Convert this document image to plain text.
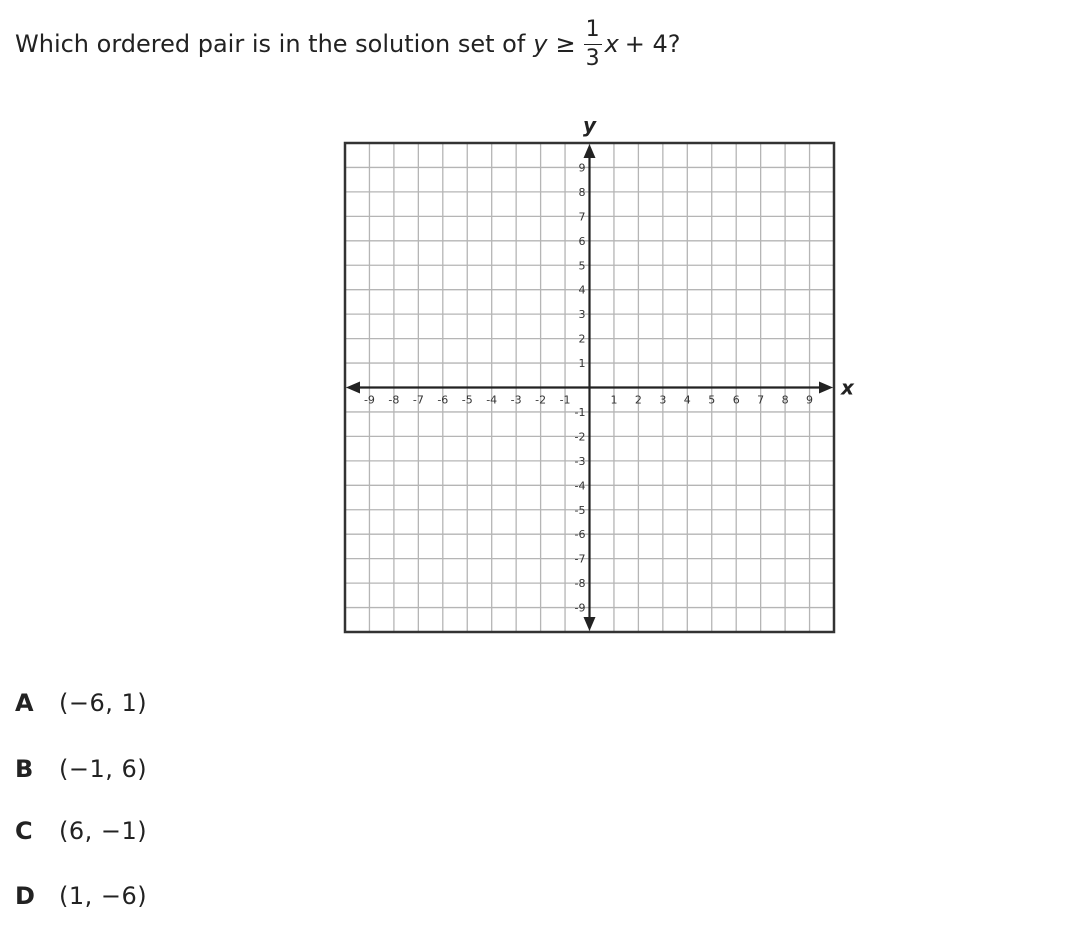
Which ordered pair is in the solution set of $y \ge \frac{1}{3}$ x + 4?
-9 -8 -7 -6 -5 -4 -3 -2 -1	1 2 3 4 5 6 7 8 9
9
8
7
6
5
4
3
2
1
-1
-2
-3
-4
-5
-6
-7
-8
-9
x
y
A	(−6, 1)
B	(−1, 6)
C	(6, −1)
D	(1, −6)
